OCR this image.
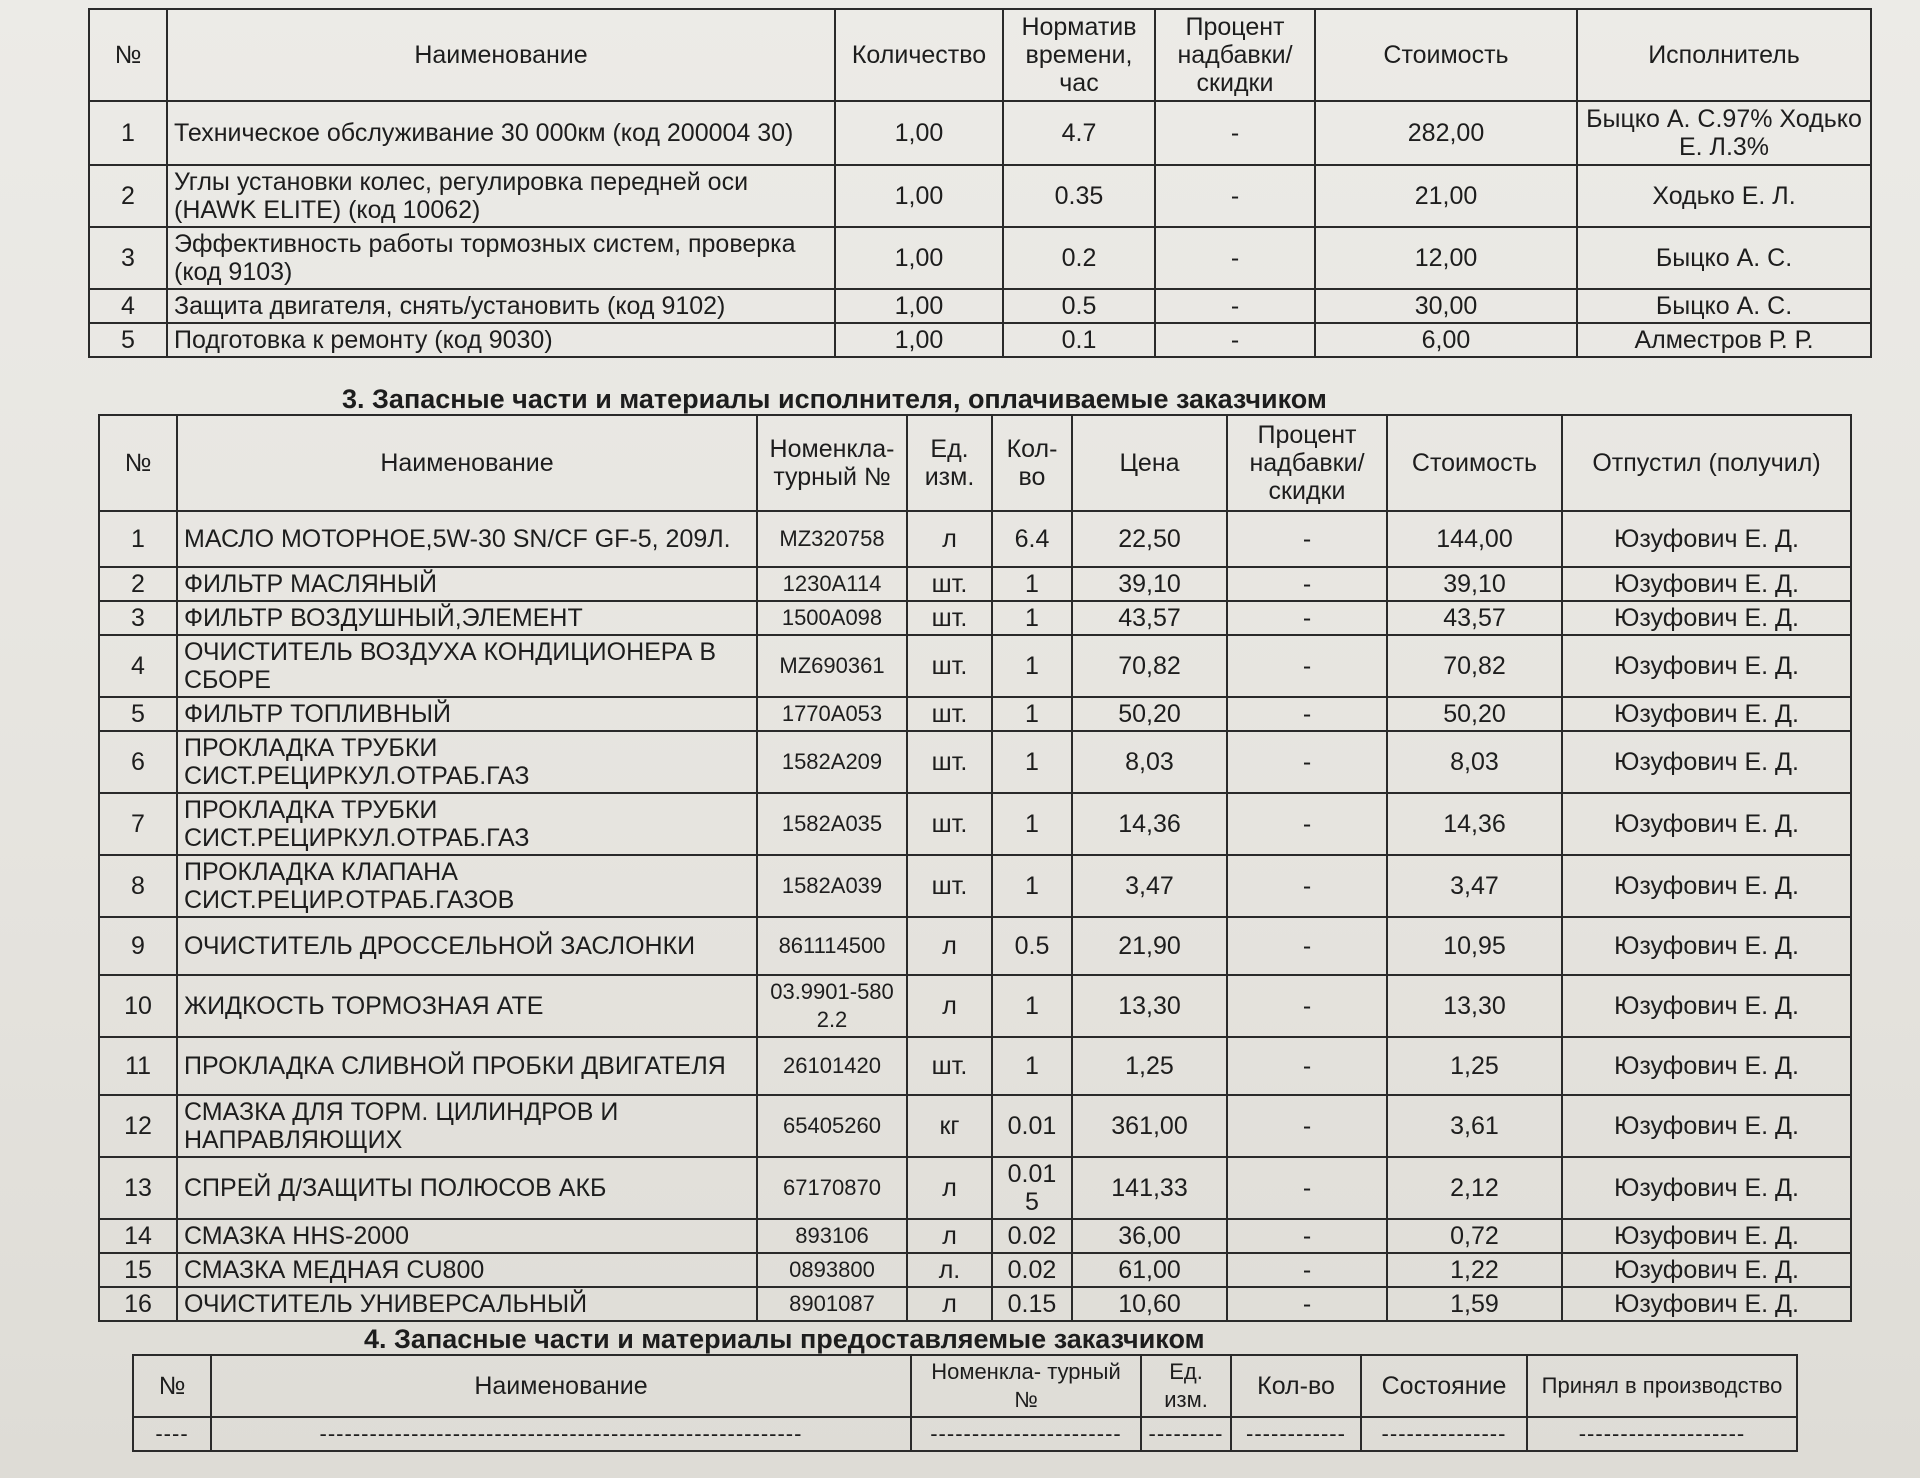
№	Наименование	Количество	Норматив времени, час	Процент надбавки/ скидки	Стоимость	Исполнитель
1	Техническое обслуживание 30 000км (код 200004 30)	1,00	4.7	-	282,00	Быцко А. С.97% Ходько Е. Л.3%
2	Углы установки колес, регулировка передней оси (HAWK ELITE) (код 10062)	1,00	0.35	-	21,00	Ходько Е. Л.
3	Эффективность работы тормозных систем, проверка (код 9103)	1,00	0.2	-	12,00	Быцко А. С.
4	Защита двигателя, снять/установить (код 9102)	1,00	0.5	-	30,00	Быцко А. С.
5	Подготовка к ремонту (код 9030)	1,00	0.1	-	6,00	Алместров Р. Р.
3. Запасные части и материалы исполнителя, оплачиваемые заказчиком
№	Наименование	Номенкла- турный №	Ед. изм.	Кол- во	Цена	Процент надбавки/ скидки	Стоимость	Отпустил (получил)
1	МАСЛО МОТОРНОЕ,5W-30 SN/CF GF-5, 209Л.	MZ320758	л	6.4	22,50	-	144,00	Юзуфович Е. Д.
2	ФИЛЬТР МАСЛЯНЫЙ	1230A114	шт.	1	39,10	-	39,10	Юзуфович Е. Д.
3	ФИЛЬТР ВОЗДУШНЫЙ,ЭЛЕМЕНТ	1500A098	шт.	1	43,57	-	43,57	Юзуфович Е. Д.
4	ОЧИСТИТЕЛЬ ВОЗДУХА КОНДИЦИОНЕРА В СБОРЕ	MZ690361	шт.	1	70,82	-	70,82	Юзуфович Е. Д.
5	ФИЛЬТР ТОПЛИВНЫЙ	1770A053	шт.	1	50,20	-	50,20	Юзуфович Е. Д.
6	ПРОКЛАДКА ТРУБКИ СИСТ.РЕЦИРКУЛ.ОТРАБ.ГАЗ	1582A209	шт.	1	8,03	-	8,03	Юзуфович Е. Д.
7	ПРОКЛАДКА ТРУБКИ СИСТ.РЕЦИРКУЛ.ОТРАБ.ГАЗ	1582A035	шт.	1	14,36	-	14,36	Юзуфович Е. Д.
8	ПРОКЛАДКА КЛАПАНА СИСТ.РЕЦИР.ОТРАБ.ГАЗОВ	1582A039	шт.	1	3,47	-	3,47	Юзуфович Е. Д.
9	ОЧИСТИТЕЛЬ ДРОССЕЛЬНОЙ ЗАСЛОНКИ	861114500	л	0.5	21,90	-	10,95	Юзуфович Е. Д.
10	ЖИДКОСТЬ ТОРМОЗНАЯ ATE	03.9901-580 2.2	л	1	13,30	-	13,30	Юзуфович Е. Д.
11	ПРОКЛАДКА СЛИВНОЙ ПРОБКИ ДВИГАТЕЛЯ	26101420	шт.	1	1,25	-	1,25	Юзуфович Е. Д.
12	СМАЗКА ДЛЯ ТОРМ. ЦИЛИНДРОВ И НАПРАВЛЯЮЩИХ	65405260	кг	0.01	361,00	-	3,61	Юзуфович Е. Д.
13	СПРЕЙ Д/ЗАЩИТЫ ПОЛЮСОВ АКБ	67170870	л	0.01 5	141,33	-	2,12	Юзуфович Е. Д.
14	СМАЗКА HHS-2000	893106	л	0.02	36,00	-	0,72	Юзуфович Е. Д.
15	СМАЗКА МЕДНАЯ CU800	0893800	л.	0.02	61,00	-	1,22	Юзуфович Е. Д.
16	ОЧИСТИТЕЛЬ УНИВЕРСАЛЬНЫЙ	8901087	л	0.15	10,60	-	1,59	Юзуфович Е. Д.
4. Запасные части и материалы предоставляемые заказчиком
№	Наименование	Номенкла- турный №	Ед. изм.	Кол-во	Состояние	Принял в производство
----	----------------------------------------------------------	-----------------------	---------	------------	---------------	--------------------
